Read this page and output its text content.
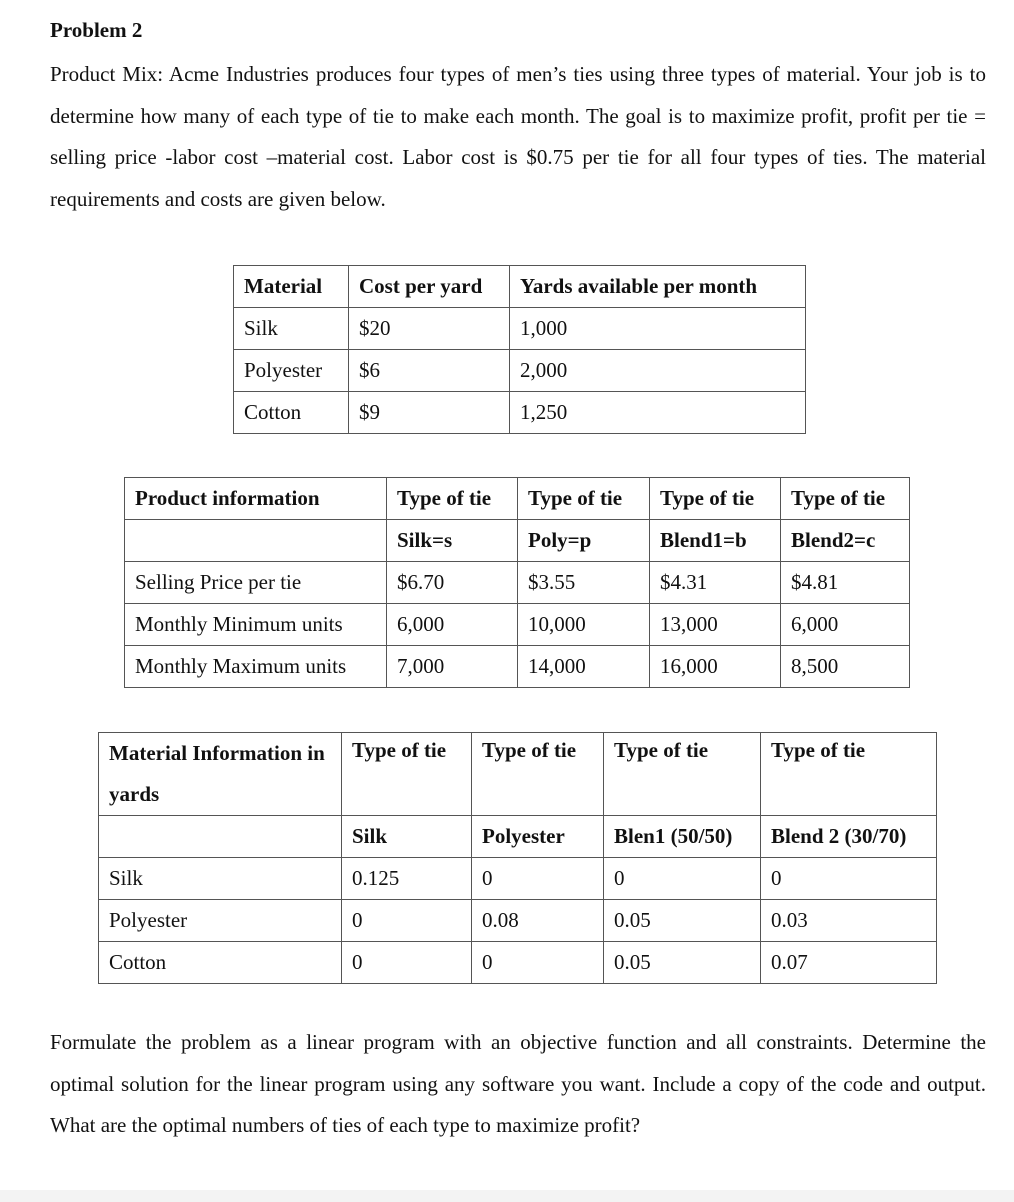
Problem 2

Product Mix: Acme Industries produces four types of men’s ties using three types of material. Your job is to determine how many of each type of tie to make each month. The goal is to maximize profit, profit per tie = selling price -labor cost –material cost. Labor cost is $0.75 per tie for all four types of ties. The material requirements and costs are given below.

Material	Cost per yard	Yards available per month
Silk	$20	1,000
Polyester	$6	2,000
Cotton	$9	1,250
Product information	Type of tie	Type of tie	Type of tie	Type of tie
	Silk=s	Poly=p	Blend1=b	Blend2=c
Selling Price per tie	$6.70	$3.55	$4.31	$4.81
Monthly Minimum units	6,000	10,000	13,000	6,000
Monthly Maximum units	7,000	14,000	16,000	8,500
Material Information in yards	Type of tie	Type of tie	Type of tie	Type of tie
	Silk	Polyester	Blen1 (50/50)	Blend 2 (30/70)
Silk	0.125	0	0	0
Polyester	0	0.08	0.05	0.03
Cotton	0	0	0.05	0.07

Formulate the problem as a linear program with an objective function and all constraints. Determine the optimal solution for the linear program using any software you want. Include a copy of the code and output. What are the optimal numbers of ties of each type to maximize profit?
